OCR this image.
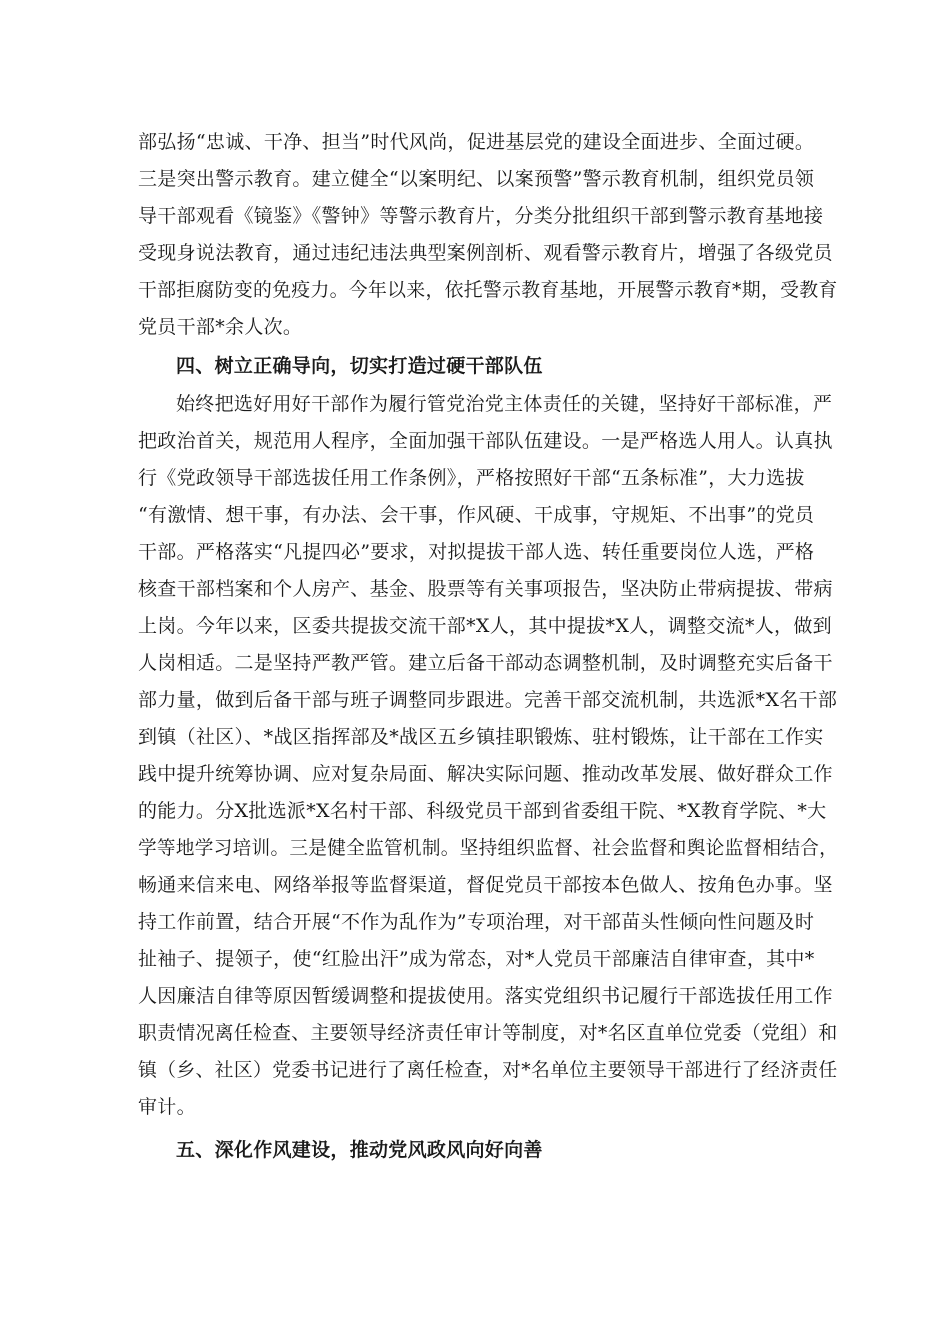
部弘扬“忠诚、干净、担当”时代风尚，促进基层党的建设全面进步、全面过硬。
三是突出警示教育。建立健全“以案明纪、以案预警”警示教育机制，组织党员领
导干部观看《镜鉴》《警钟》等警示教育片，分类分批组织干部到警示教育基地接
受现身说法教育，通过违纪违法典型案例剖析、观看警示教育片，增强了各级党员
干部拒腐防变的免疫力。今年以来，依托警示教育基地，开展警示教育*期，受教育
党员干部*余人次。
四、树立正确导向，切实打造过硬干部队伍
始终把选好用好干部作为履行管党治党主体责任的关键，坚持好干部标准，严
把政治首关，规范用人程序，全面加强干部队伍建设。一是严格选人用人。认真执
行《党政领导干部选拔任用工作条例》，严格按照好干部“五条标准”，大力选拔
“有激情、想干事，有办法、会干事，作风硬、干成事，守规矩、不出事”的党员
干部。严格落实“凡提四必”要求，对拟提拔干部人选、转任重要岗位人选，严格
核查干部档案和个人房产、基金、股票等有关事项报告，坚决防止带病提拔、带病
上岗。今年以来，区委共提拔交流干部*X人，其中提拔*X人，调整交流*人，做到
人岗相适。二是坚持严教严管。建立后备干部动态调整机制，及时调整充实后备干
部力量，做到后备干部与班子调整同步跟进。完善干部交流机制，共选派*X名干部
到镇（社区）、*战区指挥部及*战区五乡镇挂职锻炼、驻村锻炼，让干部在工作实
践中提升统筹协调、应对复杂局面、解决实际问题、推动改革发展、做好群众工作
的能力。分X批选派*X名村干部、科级党员干部到省委组干院、*X教育学院、*大
学等地学习培训。三是健全监管机制。坚持组织监督、社会监督和舆论监督相结合，
畅通来信来电、网络举报等监督渠道，督促党员干部按本色做人、按角色办事。坚
持工作前置，结合开展“不作为乱作为”专项治理，对干部苗头性倾向性问题及时
扯袖子、提领子，使“红脸出汗”成为常态，对*人党员干部廉洁自律审查，其中*
人因廉洁自律等原因暂缓调整和提拔使用。落实党组织书记履行干部选拔任用工作
职责情况离任检查、主要领导经济责任审计等制度，对*名区直单位党委（党组）和
镇（乡、社区）党委书记进行了离任检查，对*名单位主要领导干部进行了经济责任
审计。
五、深化作风建设，推动党风政风向好向善
